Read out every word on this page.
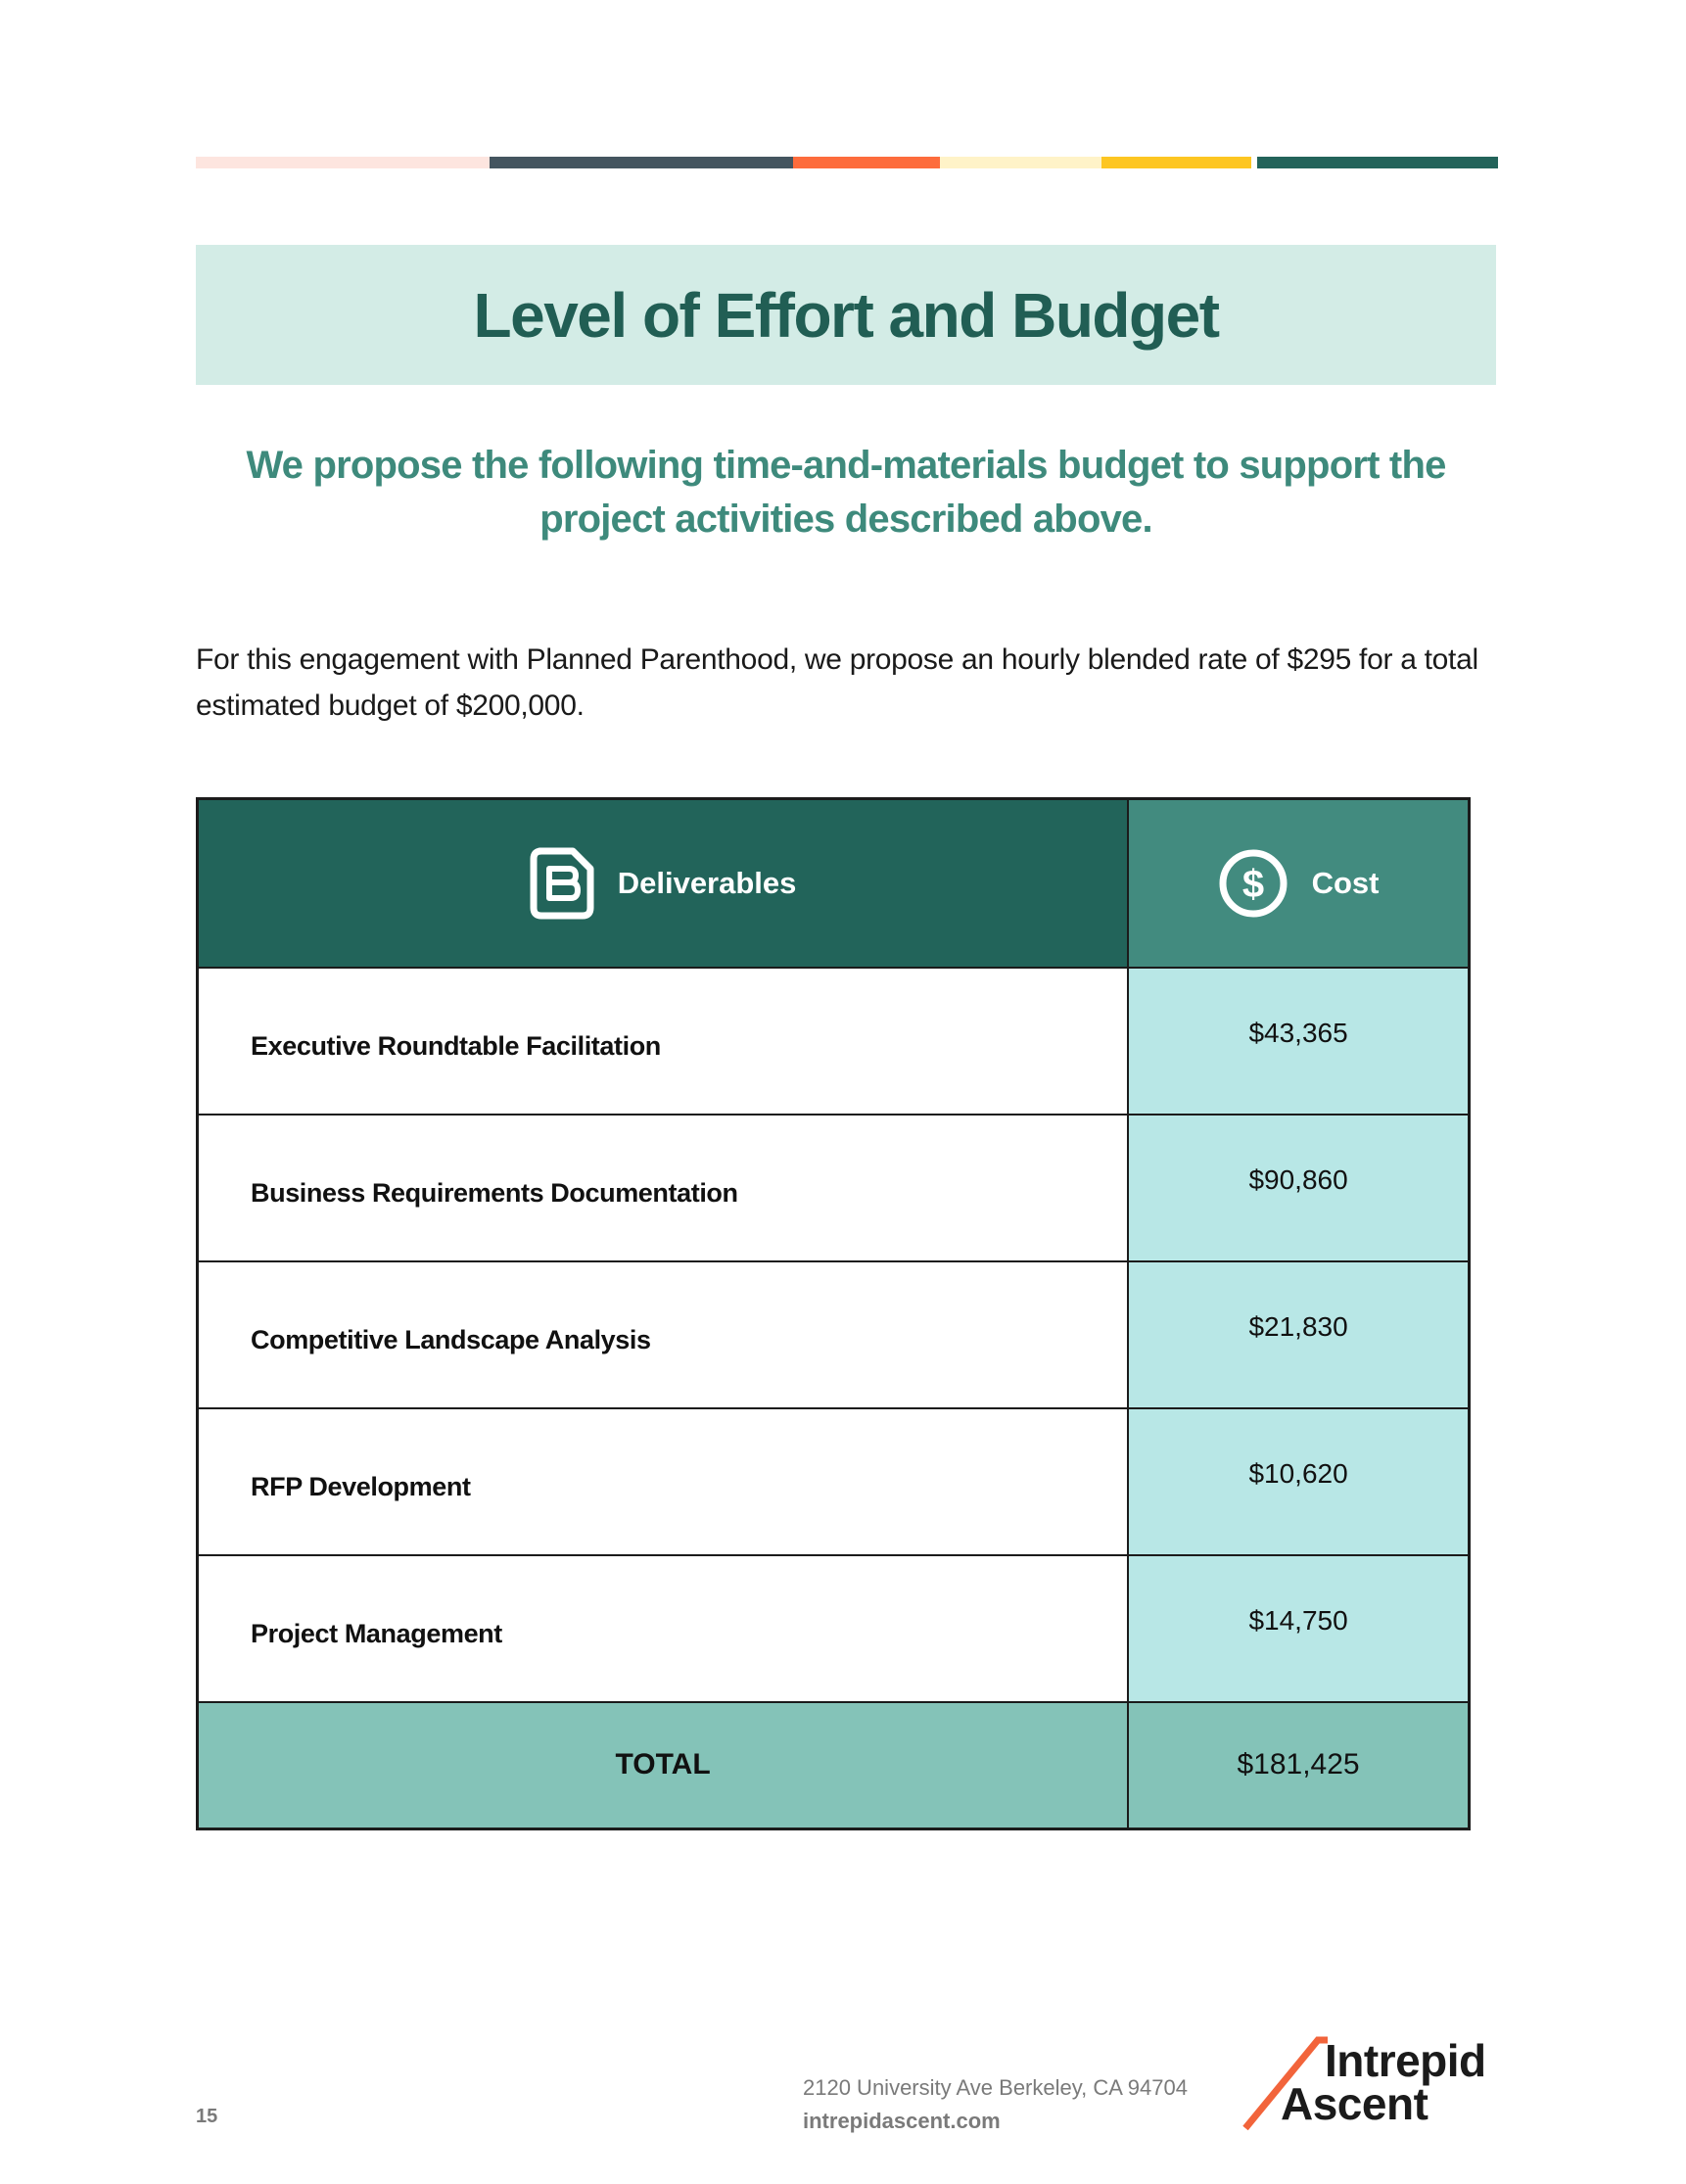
Level of Effort and Budget

We propose the following time-and-materials budget to support the project activities described above.

For this engagement with Planned Parenthood, we propose an hourly blended rate of $295 for a total estimated budget of $200,000.

Deliverables	$ Cost

Executive Roundtable Facilitation	$43,365
Business Requirements Documentation	$90,860
Competitive Landscape Analysis	$21,830
RFP Development	$10,620
Project Management	$14,750
TOTAL	$181,425
15
2120 University Ave Berkeley, CA 94704
intrepidascent.com
Intrepid
Ascent
